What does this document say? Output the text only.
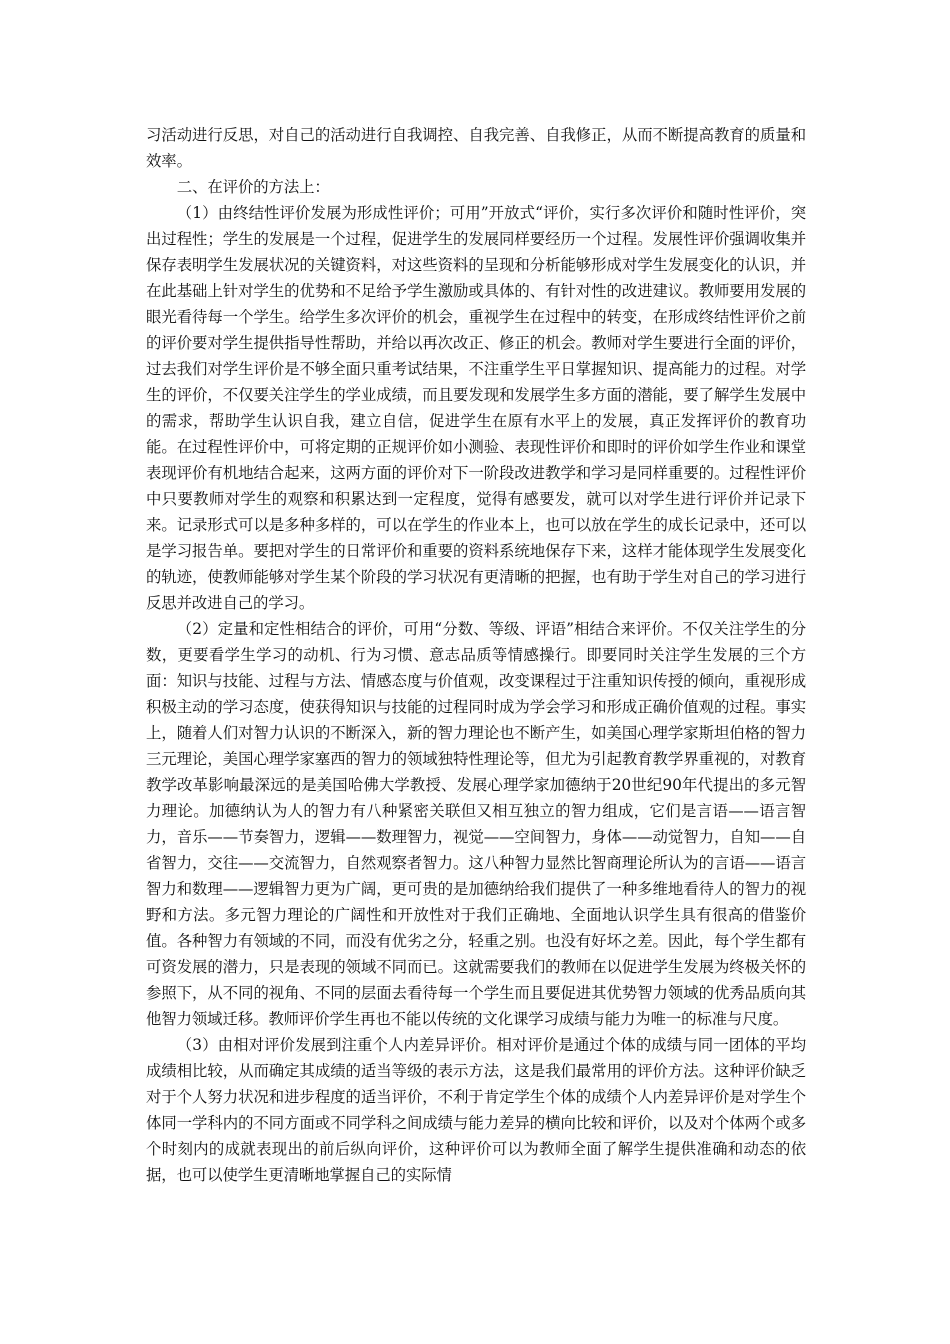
习活动进行反思，对自己的活动进行自我调控、自我完善、自我修正，从而不断提高教育的质量和效率。

二、在评价的方法上：

（1）由终结性评价发展为形成性评价；可用”开放式“评价，实行多次评价和随时性评价，突出过程性；学生的发展是一个过程，促进学生的发展同样要经历一个过程。发展性评价强调收集并保存表明学生发展状况的关键资料，对这些资料的呈现和分析能够形成对学生发展变化的认识，并在此基础上针对学生的优势和不足给予学生激励或具体的、有针对性的改进建议。教师要用发展的眼光看待每一个学生。给学生多次评价的机会，重视学生在过程中的转变，在形成终结性评价之前的评价要对学生提供指导性帮助，并给以再次改正、修正的机会。教师对学生要进行全面的评价，过去我们对学生评价是不够全面只重考试结果，不注重学生平日掌握知识、提高能力的过程。对学生的评价，不仅要关注学生的学业成绩，而且要发现和发展学生多方面的潜能，要了解学生发展中的需求，帮助学生认识自我，建立自信，促进学生在原有水平上的发展，真正发挥评价的教育功能。在过程性评价中，可将定期的正规评价如小测验、表现性评价和即时的评价如学生作业和课堂表现评价有机地结合起来，这两方面的评价对下一阶段改进教学和学习是同样重要的。过程性评价中只要教师对学生的观察和积累达到一定程度，觉得有感要发，就可以对学生进行评价并记录下来。记录形式可以是多种多样的，可以在学生的作业本上，也可以放在学生的成长记录中，还可以是学习报告单。要把对学生的日常评价和重要的资料系统地保存下来，这样才能体现学生发展变化的轨迹，使教师能够对学生某个阶段的学习状况有更清晰的把握，也有助于学生对自己的学习进行反思并改进自己的学习。

（2）定量和定性相结合的评价，可用“分数、等级、评语”相结合来评价。不仅关注学生的分数，更要看学生学习的动机、行为习惯、意志品质等情感操行。即要同时关注学生发展的三个方面：知识与技能、过程与方法、情感态度与价值观，改变课程过于注重知识传授的倾向，重视形成积极主动的学习态度，使获得知识与技能的过程同时成为学会学习和形成正确价值观的过程。事实上，随着人们对智力认识的不断深入，新的智力理论也不断产生，如美国心理学家斯坦伯格的智力三元理论，美国心理学家塞西的智力的领域独特性理论等，但尤为引起教育教学界重视的，对教育教学改革影响最深远的是美国哈佛大学教授、发展心理学家加德纳于20世纪90年代提出的多元智力理论。加德纳认为人的智力有八种紧密关联但又相互独立的智力组成，它们是言语——语言智力，音乐——节奏智力，逻辑——数理智力，视觉——空间智力，身体——动觉智力，自知——自省智力，交往——交流智力，自然观察者智力。这八种智力显然比智商理论所认为的言语——语言智力和数理——逻辑智力更为广阔，更可贵的是加德纳给我们提供了一种多维地看待人的智力的视野和方法。多元智力理论的广阔性和开放性对于我们正确地、全面地认识学生具有很高的借鉴价值。各种智力有领域的不同，而没有优劣之分，轻重之别。也没有好坏之差。因此，每个学生都有可资发展的潜力，只是表现的领域不同而已。这就需要我们的教师在以促进学生发展为终极关怀的参照下，从不同的视角、不同的层面去看待每一个学生而且要促进其优势智力领域的优秀品质向其他智力领域迁移。教师评价学生再也不能以传统的文化课学习成绩与能力为唯一的标准与尺度。

（3）由相对评价发展到注重个人内差异评价。相对评价是通过个体的成绩与同一团体的平均成绩相比较，从而确定其成绩的适当等级的表示方法，这是我们最常用的评价方法。这种评价缺乏对于个人努力状况和进步程度的适当评价，不利于肯定学生个体的成绩个人内差异评价是对学生个体同一学科内的不同方面或不同学科之间成绩与能力差异的横向比较和评价，以及对个体两个或多个时刻内的成就表现出的前后纵向评价，这种评价可以为教师全面了解学生提供准确和动态的依据，也可以使学生更清晰地掌握自己的实际情
